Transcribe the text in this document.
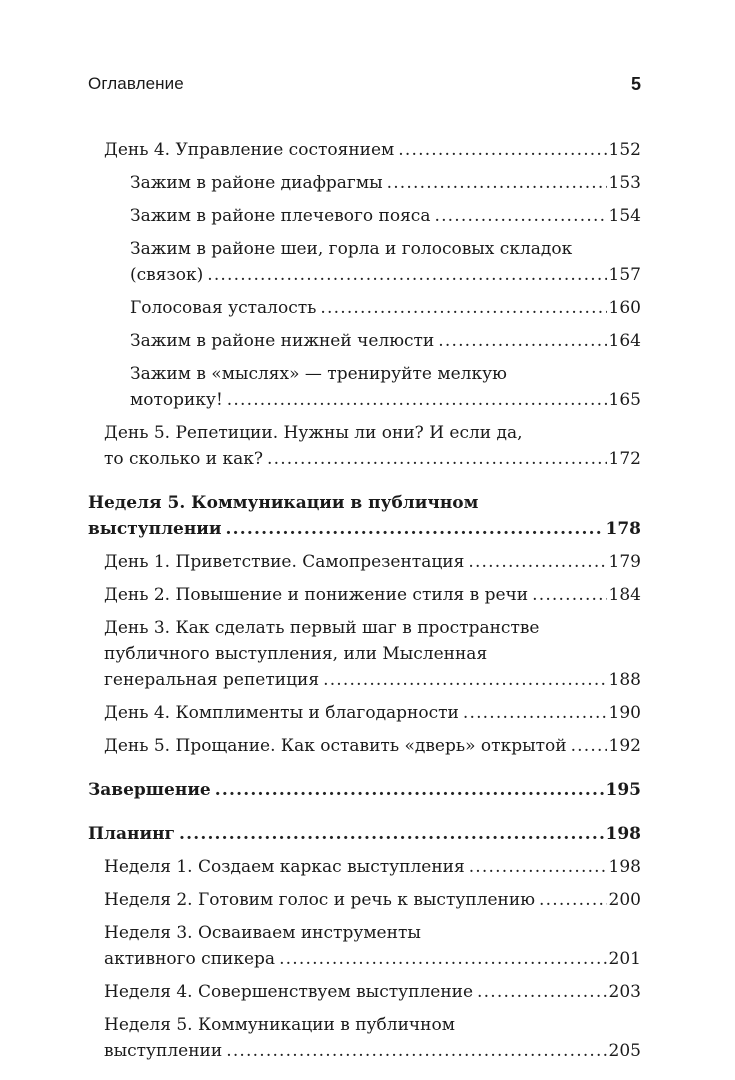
Оглавление	5
День 4. Управление состоянием .....	152
Зажим в районе диафрагмы .....	153
Зажим в районе плечевого пояса .....	154
Зажим в районе шеи, горла и голосовых складок
(связок) .....	157
Голосовая усталость .....	160
Зажим в районе нижней челюсти .....	164
Зажим в «мыслях» — тренируйте мелкую
моторику! .....	165
День 5. Репетиции. Нужны ли они? И если да,
то сколько и как? .....	172
Неделя 5. Коммуникации в публичном
выступлении .....	178
День 1. Приветствие. Самопрезентация .....	179
День 2. Повышение и понижение стиля в речи .....	184
День 3. Как сделать первый шаг в пространстве
публичного выступления, или Мысленная
генеральная репетиция .....	188
День 4. Комплименты и благодарности .....	190
День 5. Прощание. Как оставить «дверь» открытой ..... 192
Завершение .....	195
Планинг .....	198
Неделя 1. Создаем каркас выступления .....	198
Неделя 2. Готовим голос и речь к выступлению .....	200
Неделя 3. Осваиваем инструменты
активного спикера .....	201
Неделя 4. Совершенствуем выступление .....	203
Неделя 5. Коммуникации в публичном
выступлении .....	205
